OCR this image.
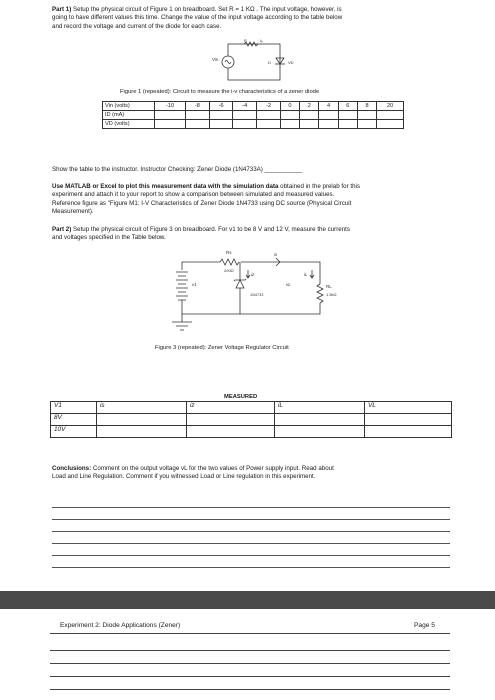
Part 1) Setup the physical circuit of Figure 1 on breadboard. Set R = 1 KΩ . The input voltage, however, is
going to have different values this time. Change the value of the input voltage according to the table below
and record the voltage and current of the diode for each case.
R	Iₑ
Vin
D	VD
Figure 1 (repeated): Circuit to measure the i-v characteristics of a zener diode
Vin (volts)	-10	-8	-6	-4	-2	0	2	4	6	8	20
ID (mA)											
VD (volts)											
Show the table to the instructor. Instructor Checking: Zener Diode (1N4733A) ___________
Use MATLAB or Excel to plot this measurement data with the simulation data obtained in the prelab for this
experiment and attach it to your report to show a comparison between simulated and measured values.
Reference figure as "Figure M1: I-V Characteristics of Zener Diode 1N4733 using DC source (Physical Circuit
Measurement).
Part 2) Setup the physical circuit of Figure 3 on breadboard. For v1 to be 8 V and 12 V, measure the currents
and voltages specified in the Table below.
Rs
200Ω
is
iz	iL
v1	vL	RL
1.5kΩ
1N4733
Figure 3 (repeated): Zener Voltage Regulator Circuit
MEASURED
V1	is	iz	iL	VL
8V				
10V				
Conclusions: Comment on the output voltage vL for the two values of Power supply input. Read about
Load and Line Regulation. Comment if you witnessed Load or Line regulation in this experiment.
Experiment 2: Diode Applications (Zener)	Page 5
